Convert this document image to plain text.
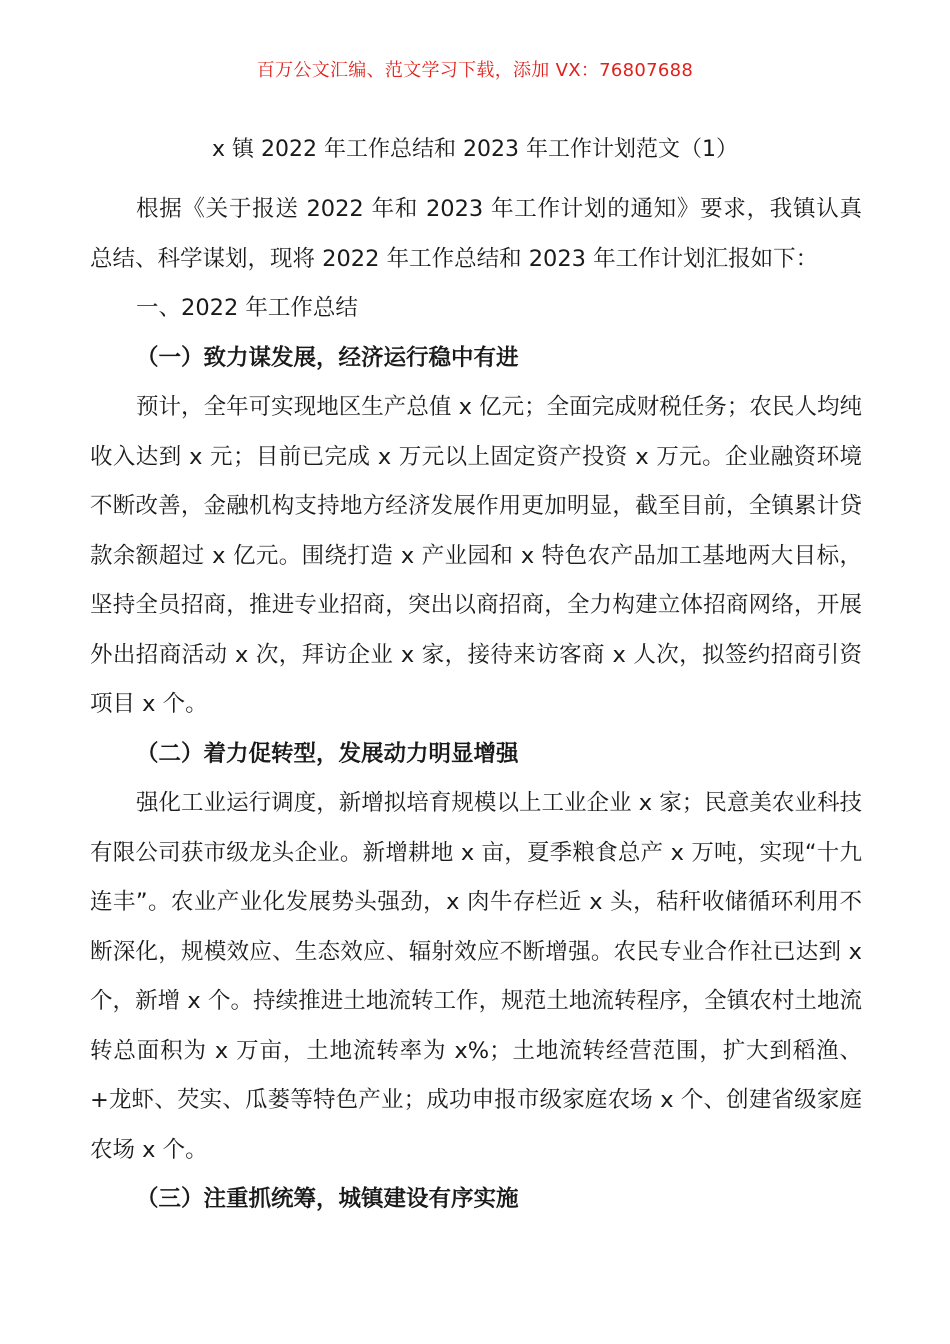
百万公文汇编、范文学习下载，添加 VX：76807688
x 镇 2022 年工作总结和 2023 年工作计划范文（1）

根据《关于报送 2022 年和 2023 年工作计划的通知》要求，我镇认真总结、科学谋划，现将 2022 年工作总结和 2023 年工作计划汇报如下：

一、2022 年工作总结

（一）致力谋发展，经济运行稳中有进

预计，全年可实现地区生产总值 x 亿元；全面完成财税任务；农民人均纯收入达到 x 元；目前已完成 x 万元以上固定资产投资 x 万元。企业融资环境不断改善，金融机构支持地方经济发展作用更加明显，截至目前，全镇累计贷款余额超过 x 亿元。围绕打造 x 产业园和 x 特色农产品加工基地两大目标，坚持全员招商，推进专业招商，突出以商招商，全力构建立体招商网络，开展外出招商活动 x 次，拜访企业 x 家，接待来访客商 x 人次，拟签约招商引资项目 x 个。

（二）着力促转型，发展动力明显增强

强化工业运行调度，新增拟培育规模以上工业企业 x 家；民意美农业科技有限公司获市级龙头企业。新增耕地 x 亩，夏季粮食总产 x 万吨，实现“十九连丰”。农业产业化发展势头强劲，x 肉牛存栏近 x 头，秸秆收储循环利用不断深化，规模效应、生态效应、辐射效应不断增强。农民专业合作社已达到 x 个，新增 x 个。持续推进土地流转工作，规范土地流转程序，全镇农村土地流转总面积为 x 万亩，土地流转率为 x%；土地流转经营范围，扩大到稻渔、+龙虾、芡实、瓜蒌等特色产业；成功申报市级家庭农场 x 个、创建省级家庭农场 x 个。

（三）注重抓统筹，城镇建设有序实施
